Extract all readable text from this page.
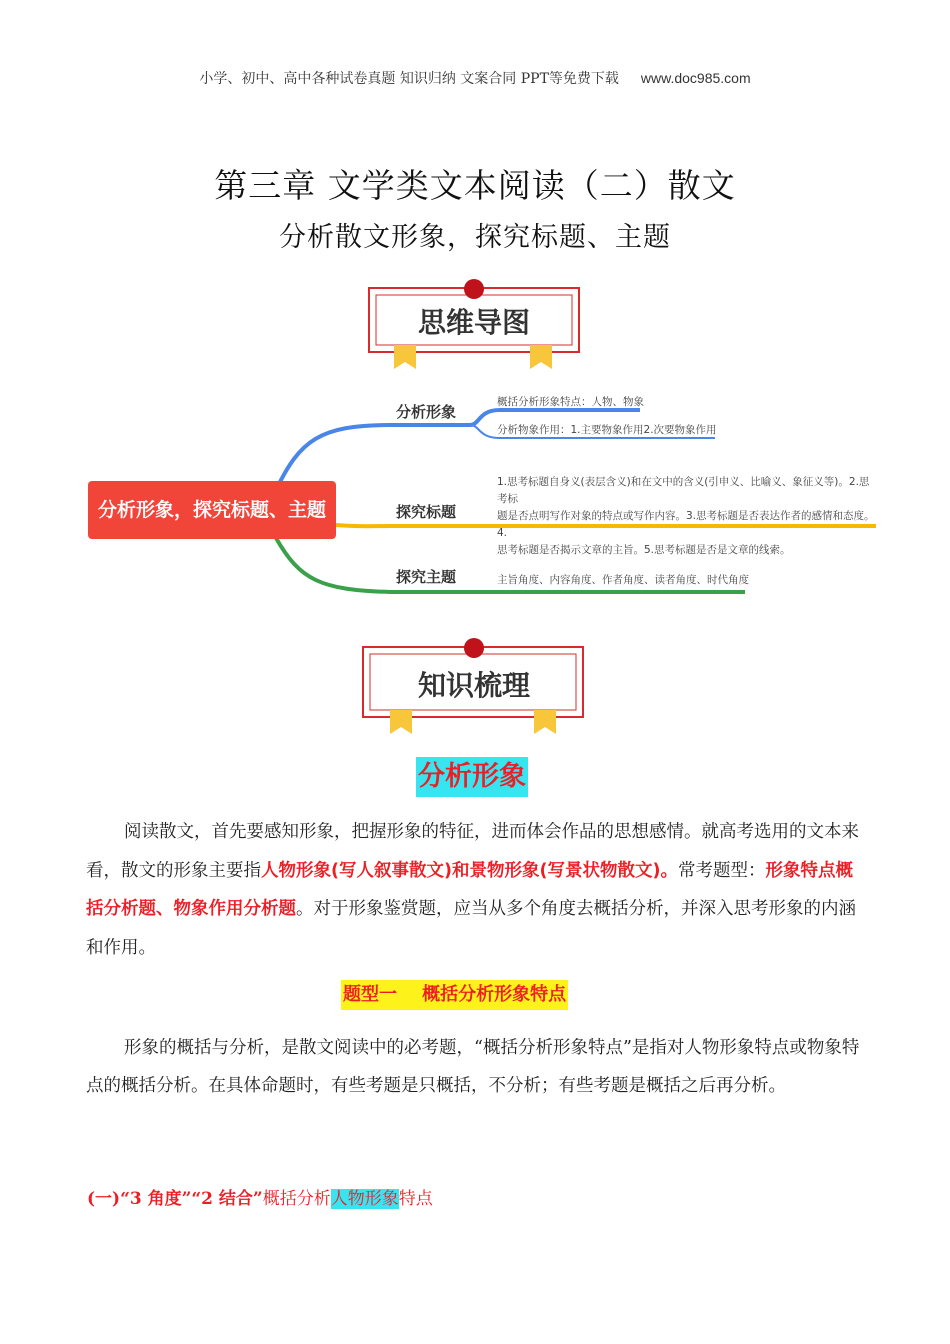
小学、初中、高中各种试卷真题 知识归纳 文案合同 PPT等免费下载 www.doc985.com
第三章 文学类文本阅读（二）散文
分析散文形象，探究标题、主题
思维导图
分析形象，探究标题、主题
分析形象
概括分析形象特点：人物、物象
分析物象作用：1.主要物象作用2.次要物象作用
探究标题
1.思考标题自身义(表层含义)和在文中的含义(引申义、比喻义、象征义等)。2.思考标
题是否点明写作对象的特点或写作内容。3.思考标题是否表达作者的感情和态度。4.
思考标题是否揭示文章的主旨。5.思考标题是否是文章的线索。
探究主题	主旨角度、内容角度、作者角度、读者角度、时代角度
知识梳理
分析形象
阅读散文，首先要感知形象，把握形象的特征，进而体会作品的思想感情。就高考选用的文本来看，散文的形象主要指人物形象(写人叙事散文)和景物形象(写景状物散文)。常考题型：形象特点概括分析题、物象作用分析题。对于形象鉴赏题，应当从多个角度去概括分析，并深入思考形象的内涵和作用。
题型一    概括分析形象特点
形象的概括与分析，是散文阅读中的必考题，“概括分析形象特点”是指对人物形象特点或物象特点的概括分析。在具体命题时，有些考题是只概括，不分析；有些考题是概括之后再分析。
(一)“3 角度”“2 结合”概括分析人物形象特点
